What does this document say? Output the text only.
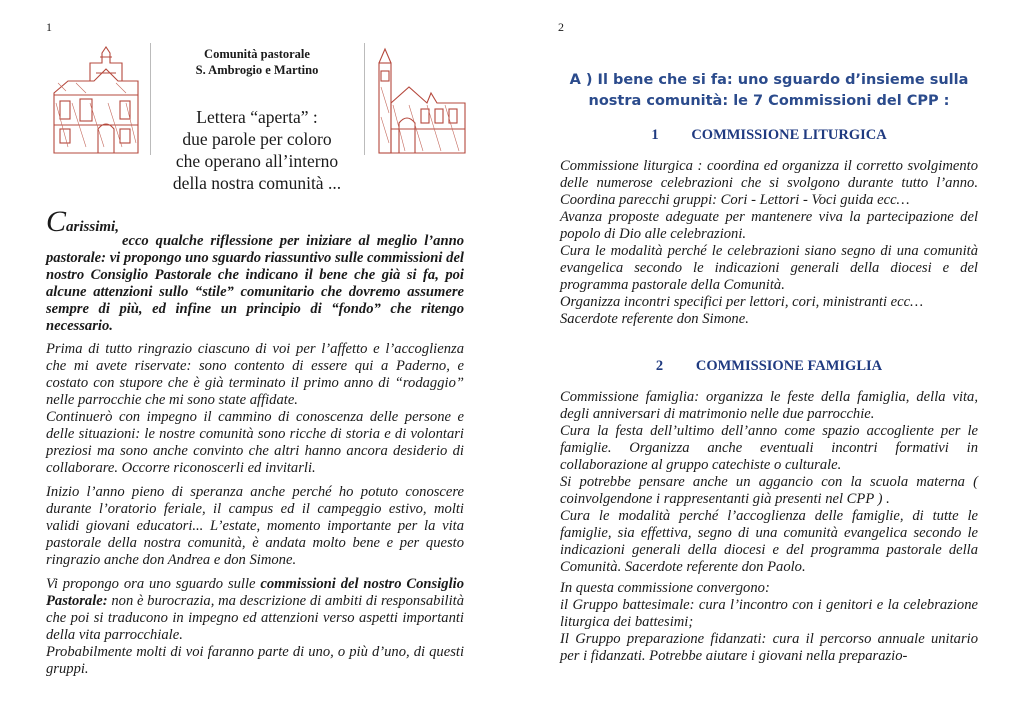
1
Comunità pastorale
S. Ambrogio e Martino
Lettera “aperta” :
due parole per coloro
che operano all’interno
della nostra comunità ...
Carissimi,
ecco qualche riflessione per iniziare al meglio l’anno pastorale: vi propongo uno sguardo riassuntivo sulle commissioni del nostro Consiglio Pastorale che indicano il bene che già si fa, poi alcune attenzioni sullo “stile” comunitario che dovremo assumere sempre di più, ed infine un principio di “fondo” che ritengo necessario.

Prima di tutto ringrazio ciascuno di voi per l’affetto e l’accoglienza che mi avete riservate: sono contento di essere qui a Paderno, e costato con stupore che è già terminato il primo anno di “rodaggio” nelle parrocchie che mi sono state affidate.

Continuerò con impegno il cammino di conoscenza delle persone e delle situazioni: le nostre comunità sono ricche di storia e di volontari preziosi ma sono anche convinto che altri hanno ancora desiderio di collaborare. Occorre riconoscerli ed invitarli.

Inizio l’anno pieno di speranza anche perché ho potuto conoscere durante l’oratorio feriale, il campus ed il campeggio estivo, molti validi giovani educatori... L’estate, momento importante per la vita pastorale della nostra comunità, è andata molto bene e per questo ringrazio anche don Andrea e don Simone.

Vi propongo ora uno sguardo sulle commissioni del nostro Consiglio Pastorale: non è burocrazia, ma descrizione di ambiti di responsabilità che poi si traducono in impegno ed attenzioni verso aspetti importanti della vita parrocchiale.

Probabilmente molti di voi faranno parte di uno, o più d’uno, di questi gruppi.

2
A ) Il bene che si fa: uno sguardo d’insieme sulla nostra comunità: le 7 Commissioni del CPP :
1 COMMISSIONE LITURGICA

Commissione liturgica : coordina ed organizza il corretto svolgimento delle numerose celebrazioni che si svolgono durante tutto l’anno. Coordina parecchi gruppi: Cori - Lettori - Voci guida ecc…

Avanza proposte adeguate per mantenere viva la partecipazione del popolo di Dio alle celebrazioni.

Cura le modalità perché le celebrazioni siano segno di una comunità evangelica secondo le indicazioni generali della diocesi e del programma pastorale della Comunità.

Organizza incontri specifici per lettori, cori, ministranti ecc…

Sacerdote referente don Simone.

2 COMMISSIONE FAMIGLIA

Commissione famiglia: organizza le feste della famiglia, della vita, degli anniversari di matrimonio nelle due parrocchie.

Cura la festa dell’ultimo dell’anno come spazio accogliente per le famiglie. Organizza anche eventuali incontri formativi in collaborazione al gruppo catechiste o culturale.

Si potrebbe pensare anche un aggancio con la scuola materna ( coinvolgendone i rappresentanti già presenti nel CPP ) .

Cura le modalità perché l’accoglienza delle famiglie, di tutte le famiglie, sia effettiva, segno di una comunità evangelica secondo le indicazioni generali della diocesi e del programma pastorale della Comunità. Sacerdote referente don Paolo.

In questa commissione convergono:

il Gruppo battesimale: cura l’incontro con i genitori e la celebrazione liturgica dei battesimi;

Il Gruppo preparazione fidanzati: cura il percorso annuale unitario per i fidanzati. Potrebbe aiutare i giovani nella preparazio-
